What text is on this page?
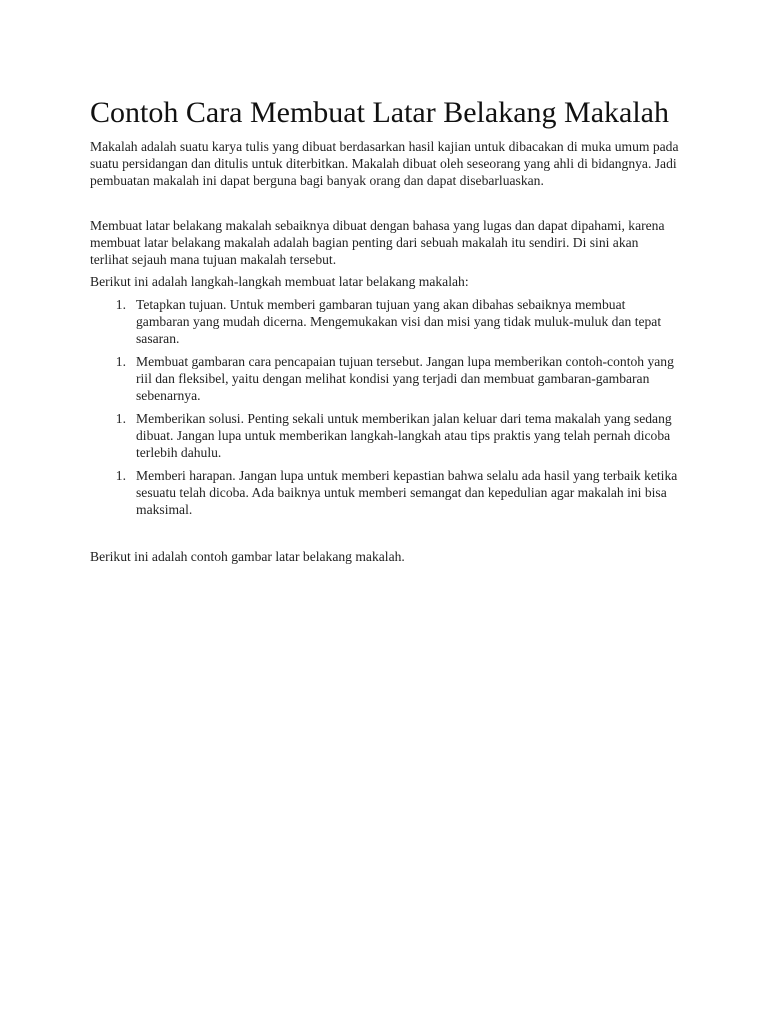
Contoh Cara Membuat Latar Belakang Makalah

Makalah adalah suatu karya tulis yang dibuat berdasarkan hasil kajian untuk dibacakan di muka umum pada suatu persidangan dan ditulis untuk diterbitkan. Makalah dibuat oleh seseorang yang ahli di bidangnya. Jadi pembuatan makalah ini dapat berguna bagi banyak orang dan dapat disebarluaskan.

Membuat latar belakang makalah sebaiknya dibuat dengan bahasa yang lugas dan dapat dipahami, karena membuat latar belakang makalah adalah bagian penting dari sebuah makalah itu sendiri. Di sini akan terlihat sejauh mana tujuan makalah tersebut.

Berikut ini adalah langkah-langkah membuat latar belakang makalah:

1. Tetapkan tujuan. Untuk memberi gambaran tujuan yang akan dibahas sebaiknya membuat gambaran yang mudah dicerna. Mengemukakan visi dan misi yang tidak muluk-muluk dan tepat sasaran.
1. Membuat gambaran cara pencapaian tujuan tersebut. Jangan lupa memberikan contoh-contoh yang riil dan fleksibel, yaitu dengan melihat kondisi yang terjadi dan membuat gambaran-gambaran sebenarnya.
1. Memberikan solusi. Penting sekali untuk memberikan jalan keluar dari tema makalah yang sedang dibuat. Jangan lupa untuk memberikan langkah-langkah atau tips praktis yang telah pernah dicoba terlebih dahulu.
1. Memberi harapan. Jangan lupa untuk memberi kepastian bahwa selalu ada hasil yang terbaik ketika sesuatu telah dicoba. Ada baiknya untuk memberi semangat dan kepedulian agar makalah ini bisa maksimal.

Berikut ini adalah contoh gambar latar belakang makalah.
